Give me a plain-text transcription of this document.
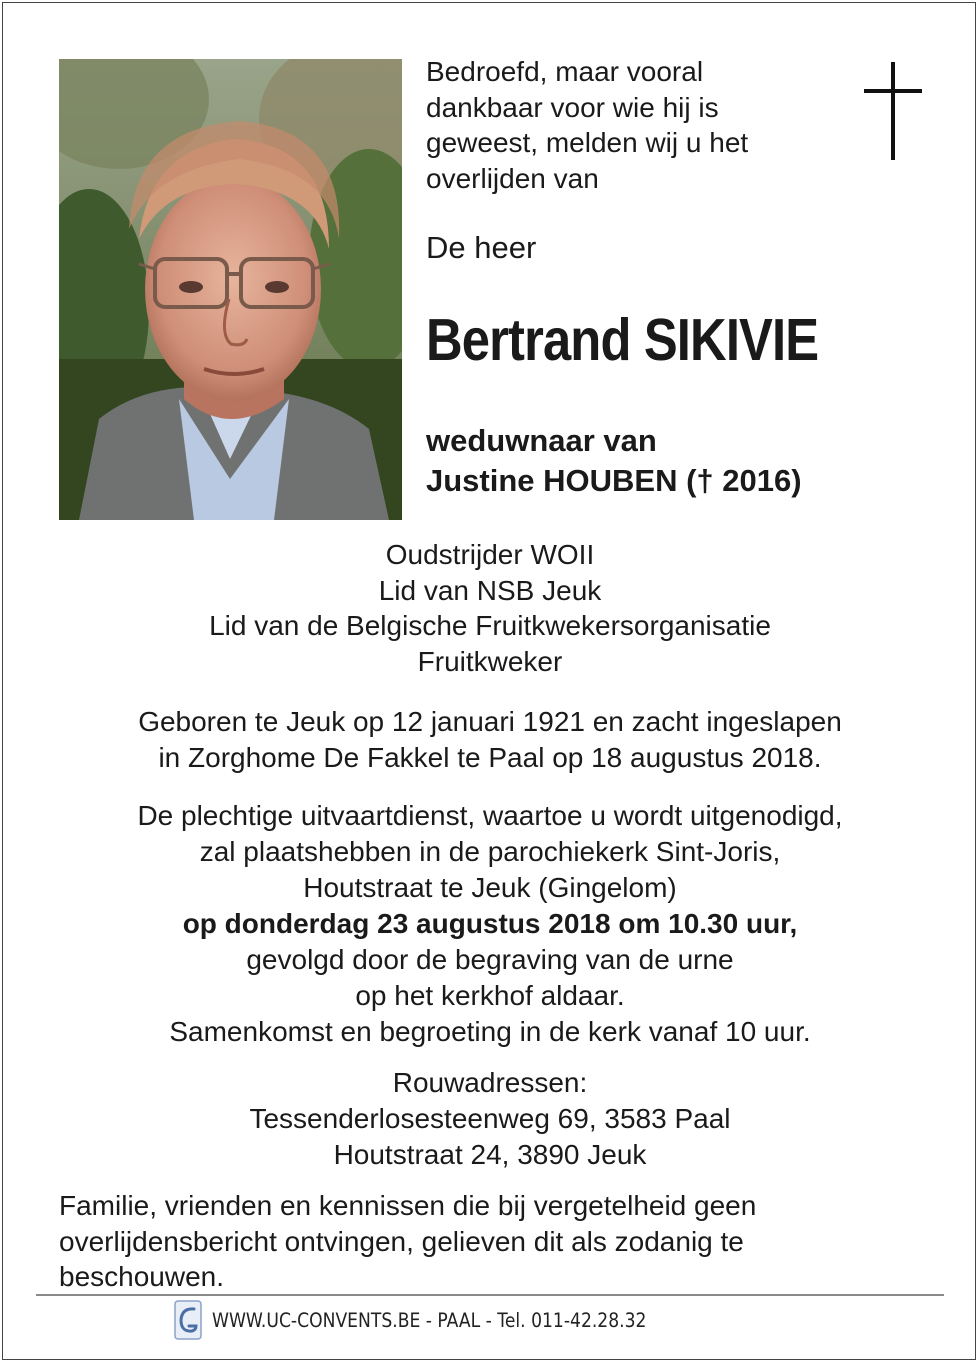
Bedroefd, maar vooral
dankbaar voor wie hij is
geweest, melden wij u het
overlijden van
De heer
Bertrand SIKIVIE
weduwnaar van
Justine HOUBEN († 2016)
Oudstrijder WOII
Lid van NSB Jeuk
Lid van de Belgische Fruitkwekersorganisatie
Fruitkweker
Geboren te Jeuk op 12 januari 1921 en zacht ingeslapen
in Zorghome De Fakkel te Paal op 18 augustus 2018.
De plechtige uitvaartdienst, waartoe u wordt uitgenodigd,
zal plaatshebben in de parochiekerk Sint-Joris,
Houtstraat te Jeuk (Gingelom)
op donderdag 23 augustus 2018 om 10.30 uur,
gevolgd door de begraving van de urne
op het kerkhof aldaar.
Samenkomst en begroeting in de kerk vanaf 10 uur.
Rouwadressen:
Tessenderlosesteenweg 69, 3583 Paal
Houtstraat 24, 3890 Jeuk
Familie, vrienden en kennissen die bij vergetelheid geen
overlijdensbericht ontvingen, gelieven dit als zodanig te
beschouwen.
WWW.UC-CONVENTS.BE - PAAL - Tel. 011-42.28.32
